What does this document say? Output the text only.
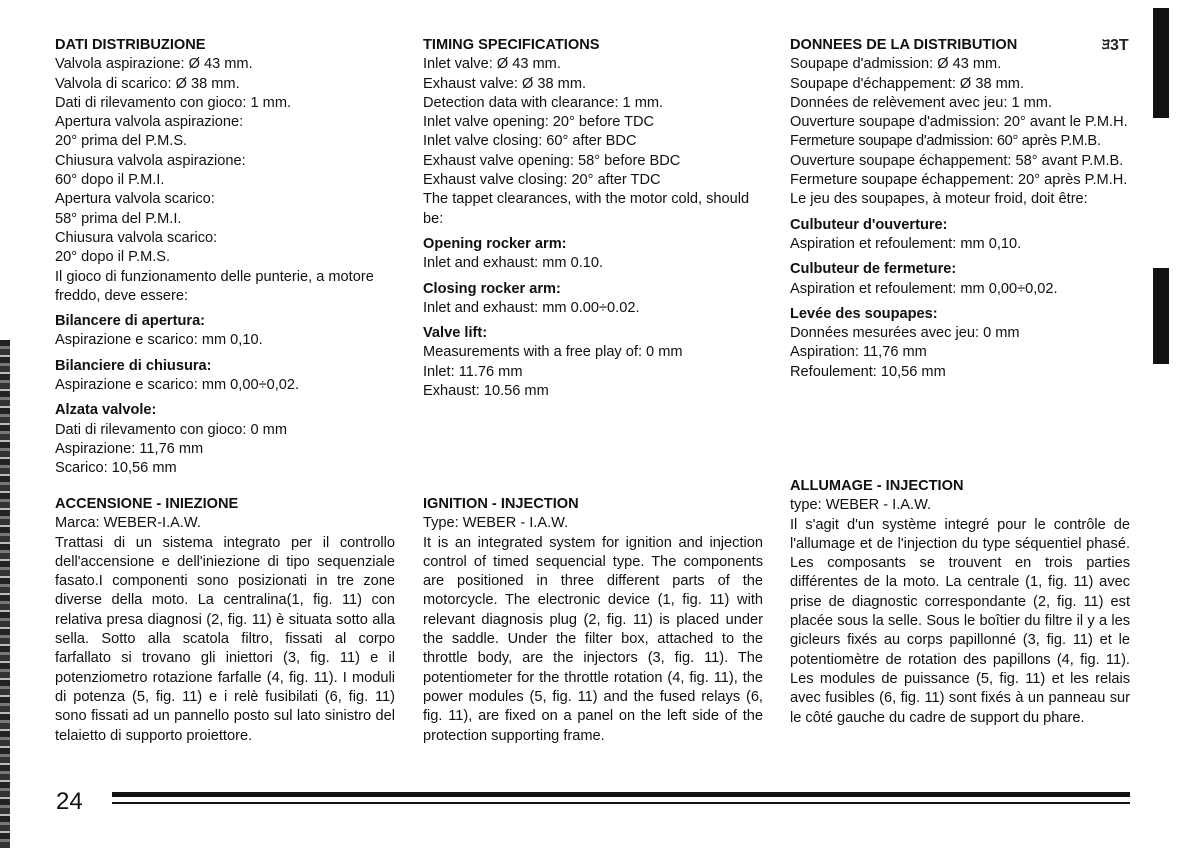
ﾖ3T

DATI DISTRIBUZIONE

Valvola aspirazione: Ø 43 mm.

Valvola di scarico: Ø 38 mm.

Dati di rilevamento con gioco: 1 mm.

Apertura valvola aspirazione:

20° prima del P.M.S.

Chiusura valvola aspirazione:

60° dopo il P.M.I.

Apertura valvola scarico:

58° prima del P.M.I.

Chiusura valvola scarico:

20° dopo il P.M.S.

Il gioco di funzionamento delle punterie, a motore freddo, deve essere:

Bilancere di apertura:

Aspirazione e scarico: mm 0,10.

Bilanciere di chiusura:

Aspirazione e scarico: mm 0,00÷0,02.

Alzata valvole:

Dati di rilevamento con gioco: 0 mm

Aspirazione: 11,76 mm

Scarico: 10,56 mm

TIMING SPECIFICATIONS

Inlet valve: Ø 43 mm.

Exhaust valve: Ø 38 mm.

Detection data with clearance: 1 mm.

Inlet valve opening: 20° before TDC

Inlet valve closing: 60° after BDC

Exhaust valve opening: 58° before BDC

Exhaust valve closing: 20° after TDC

The tappet clearances, with the motor cold, should be:

Opening rocker arm:

Inlet and exhaust: mm 0.10.

Closing rocker arm:

Inlet and exhaust: mm 0.00÷0.02.

Valve lift:

Measurements with a free play of: 0 mm

Inlet: 11.76 mm

Exhaust: 10.56 mm

DONNEES DE LA DISTRIBUTION

Soupape d'admission: Ø 43 mm.

Soupape d'échappement: Ø 38 mm.

Données de relèvement avec jeu: 1 mm.

Ouverture soupape d'admission: 20° avant le P.M.H.

Fermeture soupape d'admission: 60° après P.M.B.

Ouverture soupape échappement: 58° avant P.M.B.

Fermeture soupape échappement: 20° après P.M.H.

Le jeu des soupapes, à moteur froid, doit être:

Culbuteur d'ouverture:

Aspiration et refoulement: mm 0,10.

Culbuteur de fermeture:

Aspiration et refoulement: mm 0,00÷0,02.

Levée des soupapes:

Données mesurées avec jeu: 0 mm

Aspiration: 11,76 mm

Refoulement: 10,56 mm

ACCENSIONE - INIEZIONE

Marca: WEBER-I.A.W.

Trattasi di un sistema integrato per il controllo dell'accensione e dell'iniezione di tipo sequenziale fasato.I componenti sono posizionati in tre zone diverse della moto. La centralina(1, fig. 11) con relativa presa diagnosi (2, fig. 11) è situata sotto alla sella. Sotto alla scatola filtro, fissati al corpo farfallato si trovano gli iniettori (3, fig. 11) e il potenziometro rotazione farfalle (4, fig. 11). I moduli di potenza (5, fig. 11) e i relè fusibilati (6, fig. 11) sono fissati ad un pannello posto sul lato sinistro del telaietto di supporto proiettore.

IGNITION - INJECTION

Type: WEBER - I.A.W.

It is an integrated system for ignition and injection control of timed sequencial type. The components are positioned in three different parts of the motorcycle. The electronic device (1, fig. 11) with relevant diagnosis plug (2, fig. 11) is placed under the saddle. Under the filter box, attached to the throttle body, are the injectors (3, fig. 11). The potentiometer for the throttle rotation (4, fig. 11), the power modules (5, fig. 11) and the fused relays (6, fig. 11), are fixed on a panel on the left side of the protection supporting frame.

ALLUMAGE - INJECTION

type: WEBER - I.A.W.

Il s'agit d'un système integré pour le contrôle de l'allumage et de l'injection du type séquentiel phasé. Les composants se trouvent en trois parties différentes de la moto. La centrale (1, fig. 11) avec prise de diagnostic correspondante (2, fig. 11) est placée sous la selle. Sous le boîtier du filtre il y a les gicleurs fixés au corps papillonné (3, fig. 11) et le potentiomètre de rotation des papillons (4, fig. 11). Les modules de puissance (5, fig. 11) et les relais avec fusibles (6, fig. 11) sont fixés à un panneau sur le côté gauche du cadre de support du phare.

24
